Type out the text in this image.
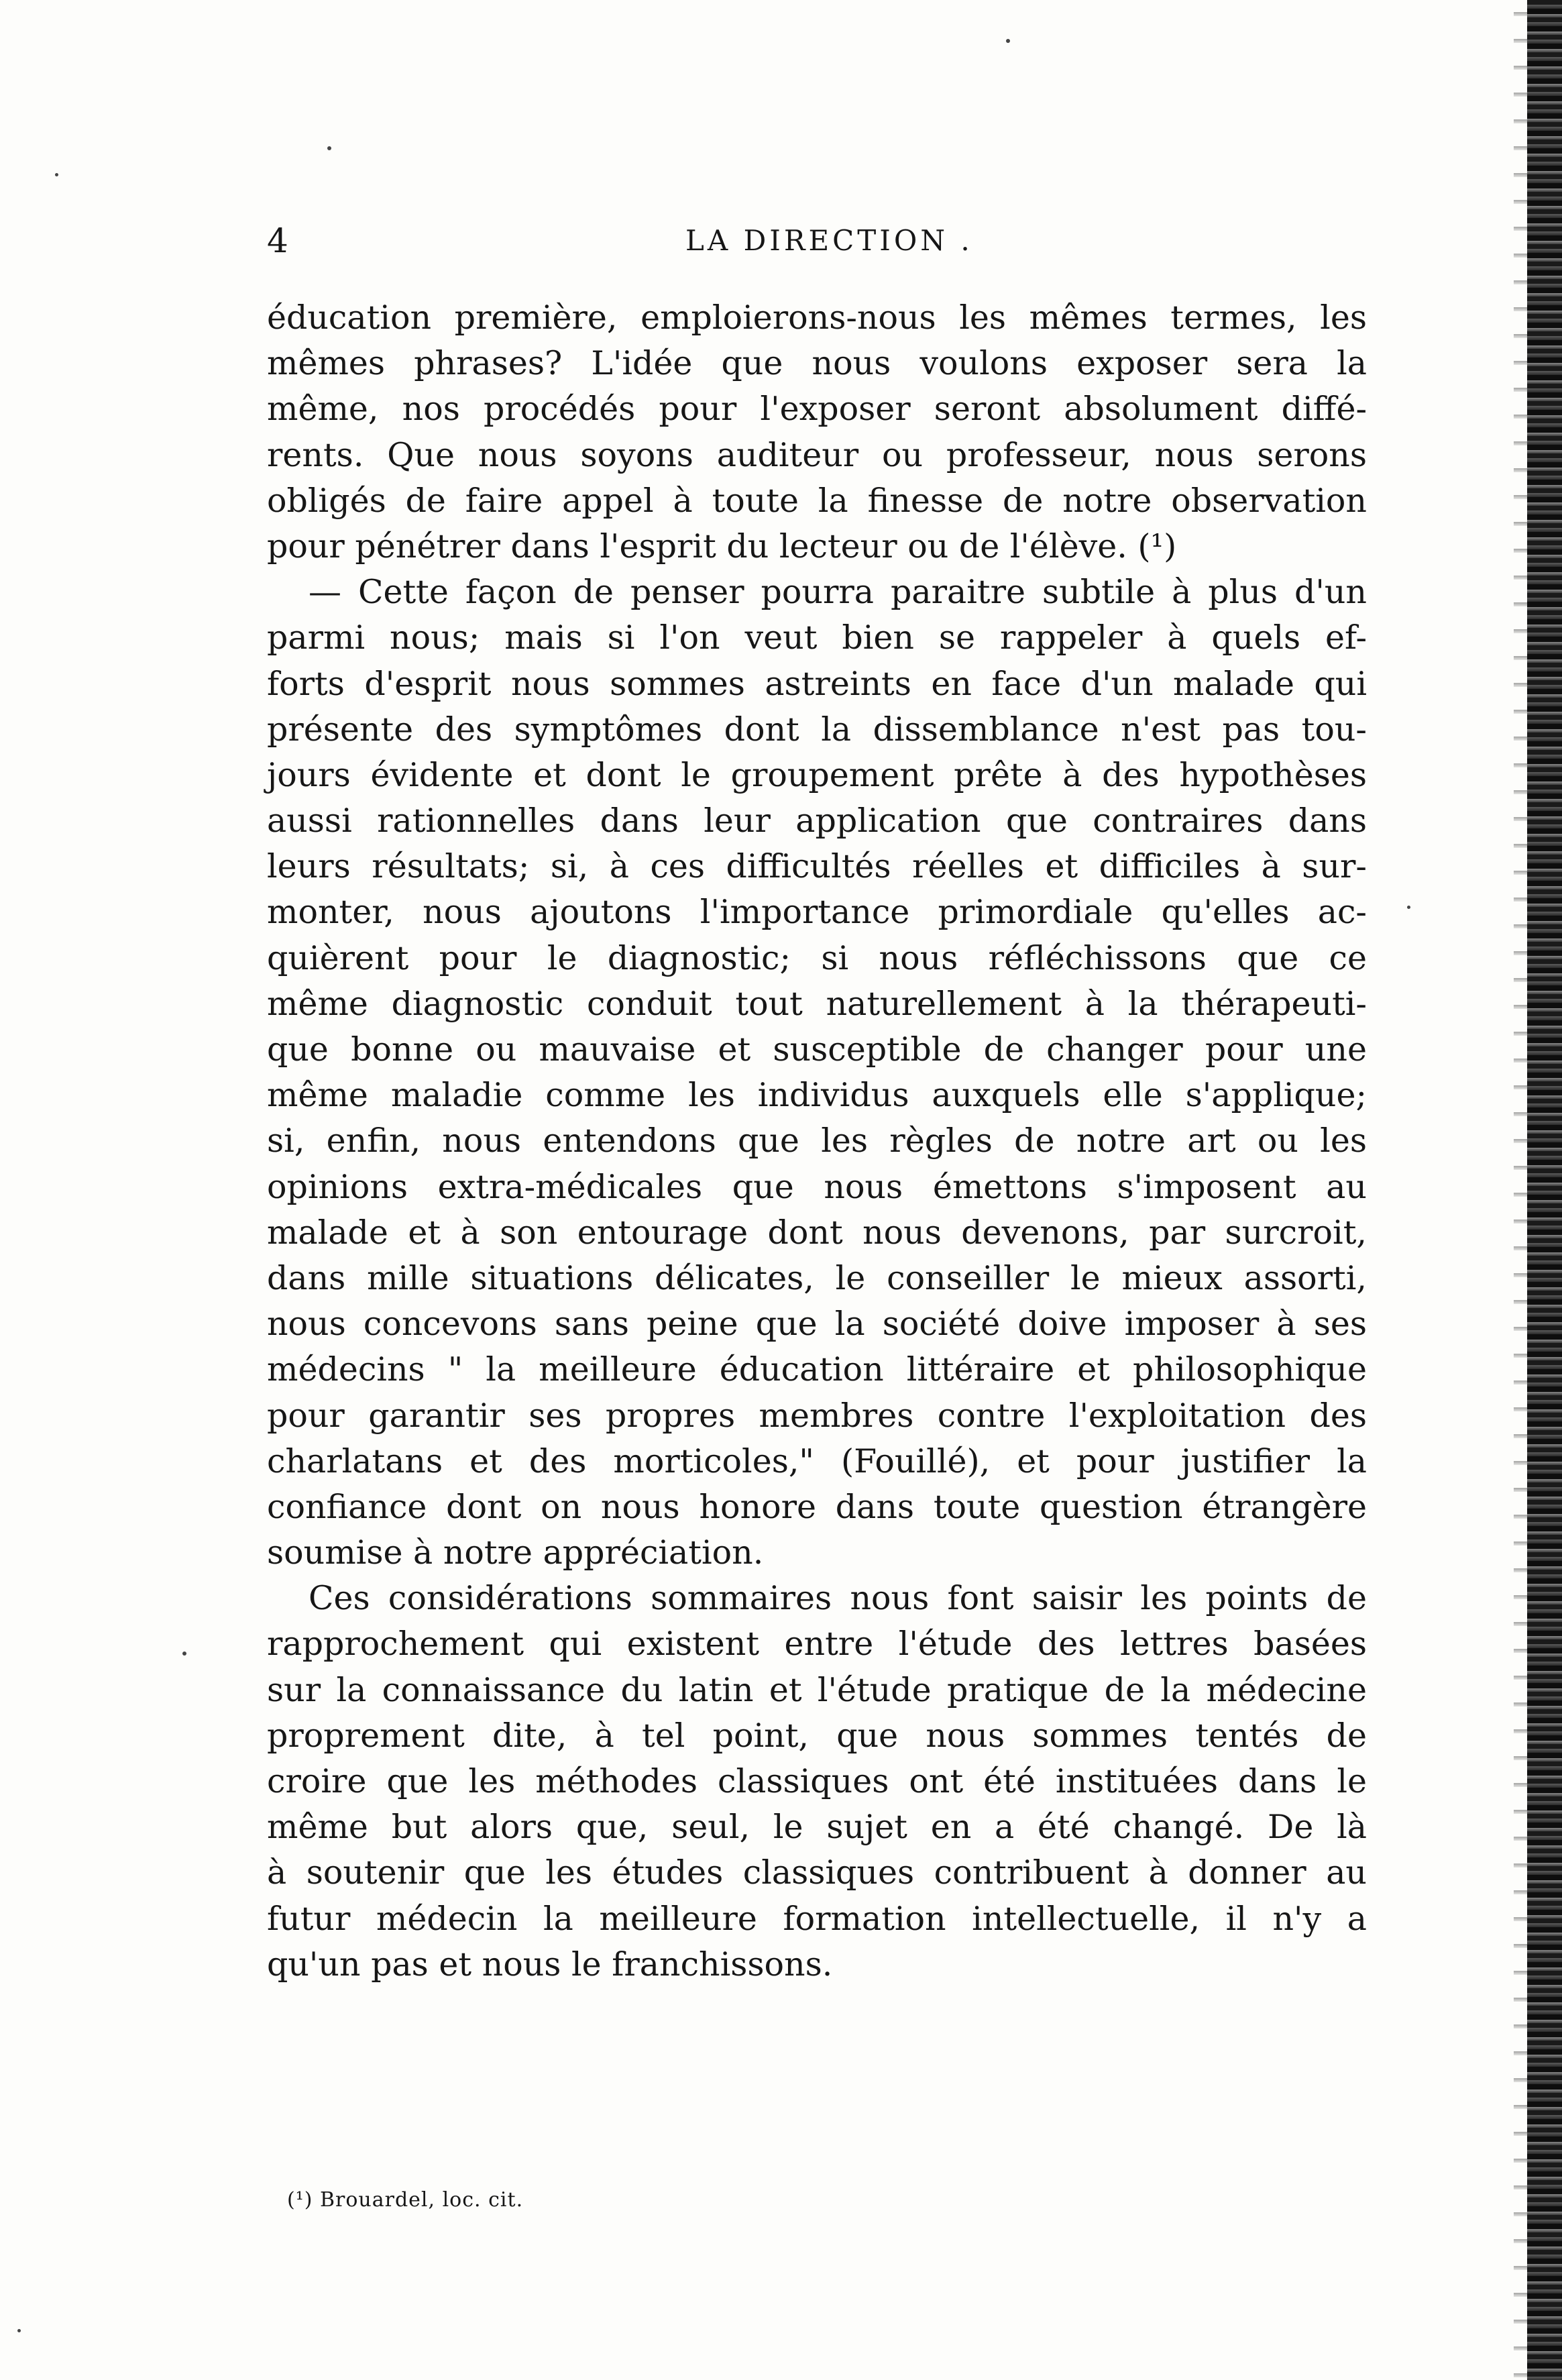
4	LA DIRECTION .
éducation première, emploierons-nous les mêmes termes, les
mêmes phrases? L'idée que nous voulons exposer sera la
même, nos procédés pour l'exposer seront absolument diffé-
rents. Que nous soyons auditeur ou professeur, nous serons
obligés de faire appel à toute la finesse de notre observation
pour pénétrer dans l'esprit du lecteur ou de l'élève. (¹)
— Cette façon de penser pourra paraitre subtile à plus d'un
parmi nous; mais si l'on veut bien se rappeler à quels ef-
forts d'esprit nous sommes astreints en face d'un malade qui
présente des symptômes dont la dissemblance n'est pas tou-
jours évidente et dont le groupement prête à des hypothèses
aussi rationnelles dans leur application que contraires dans
leurs résultats; si, à ces difficultés réelles et difficiles à sur-
monter, nous ajoutons l'importance primordiale qu'elles ac-
quièrent pour le diagnostic; si nous réfléchissons que ce
même diagnostic conduit tout naturellement à la thérapeuti-
que bonne ou mauvaise et susceptible de changer pour une
même maladie comme les individus auxquels elle s'applique;
si, enfin, nous entendons que les règles de notre art ou les
opinions extra-médicales que nous émettons s'imposent au
malade et à son entourage dont nous devenons, par surcroit,
dans mille situations délicates, le conseiller le mieux assorti,
nous concevons sans peine que la société doive imposer à ses
médecins " la meilleure éducation littéraire et philosophique
pour garantir ses propres membres contre l'exploitation des
charlatans et des morticoles," (Fouillé), et pour justifier la
confiance dont on nous honore dans toute question étrangère
soumise à notre appréciation.
Ces considérations sommaires nous font saisir les points de
rapprochement qui existent entre l'étude des lettres basées
sur la connaissance du latin et l'étude pratique de la médecine
proprement dite, à tel point, que nous sommes tentés de
croire que les méthodes classiques ont été instituées dans le
même but alors que, seul, le sujet en a été changé. De là
à soutenir que les études classiques contribuent à donner au
futur médecin la meilleure formation intellectuelle, il n'y a
qu'un pas et nous le franchissons.
(¹) Brouardel, loc. cit.
